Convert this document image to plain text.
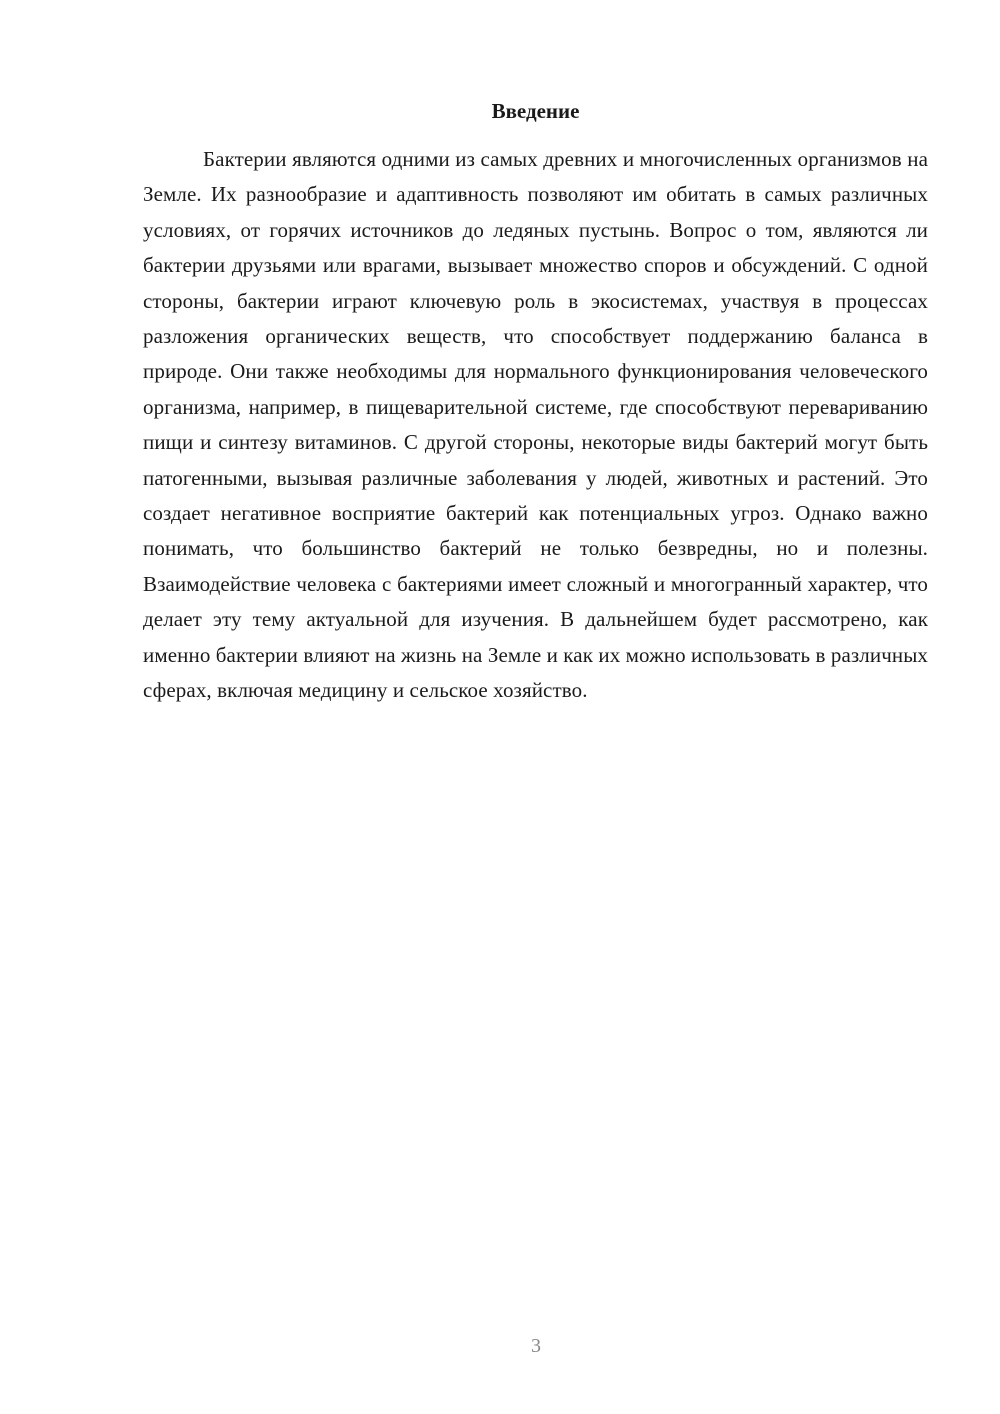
Введение

Бактерии являются одними из самых древних и многочисленных организмов на Земле. Их разнообразие и адаптивность позволяют им обитать в самых различных условиях, от горячих источников до ледяных пустынь. Вопрос о том, являются ли бактерии друзьями или врагами, вызывает множество споров и обсуждений. С одной стороны, бактерии играют ключевую роль в экосистемах, участвуя в процессах разложения органических веществ, что способствует поддержанию баланса в природе. Они также необходимы для нормального функционирования человеческого организма, например, в пищеварительной системе, где способствуют перевариванию пищи и синтезу витаминов. С другой стороны, некоторые виды бактерий могут быть патогенными, вызывая различные заболевания у людей, животных и растений. Это создает негативное восприятие бактерий как потенциальных угроз. Однако важно понимать, что большинство бактерий не только безвредны, но и полезны. Взаимодействие человека с бактериями имеет сложный и многогранный характер, что делает эту тему актуальной для изучения. В дальнейшем будет рассмотрено, как именно бактерии влияют на жизнь на Земле и как их можно использовать в различных сферах, включая медицину и сельское хозяйство.

3
